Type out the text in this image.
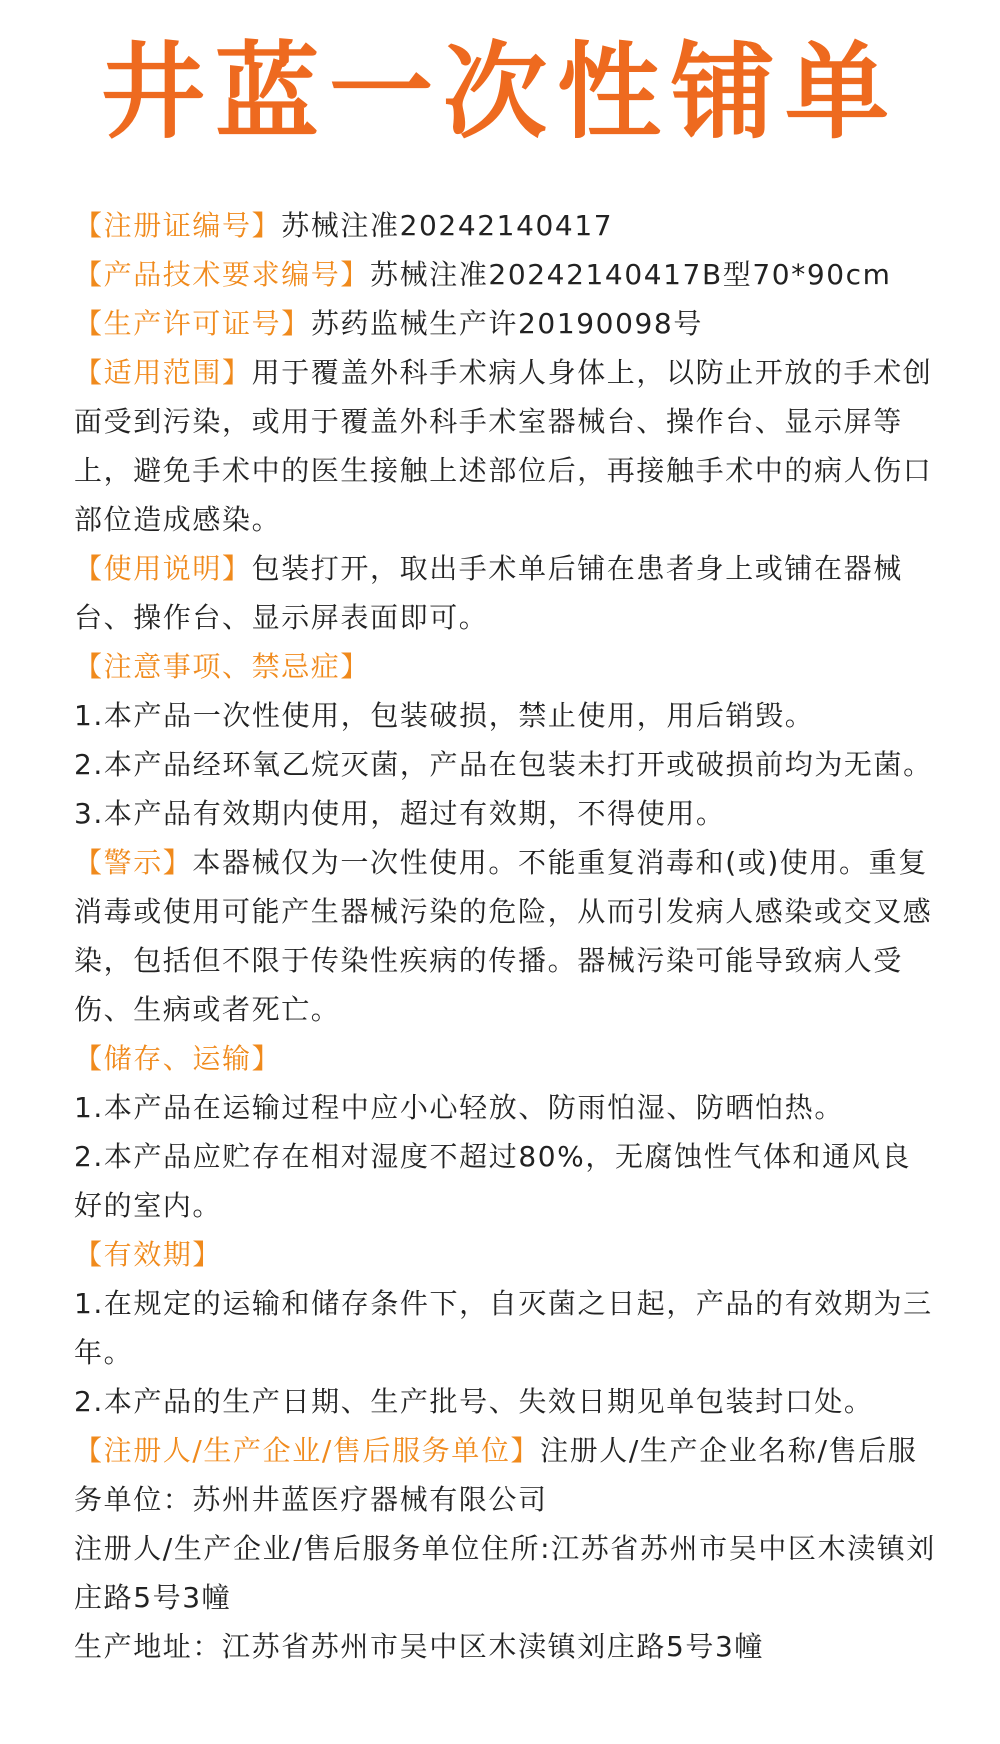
井蓝一次性铺单

【注册证编号】苏械注准20242140417

【产品技术要求编号】苏械注准20242140417B型70*90cm

【生产许可证号】苏药监械生产许20190098号

【适用范围】用于覆盖外科手术病人身体上，以防止开放的手术创面受到污染，或用于覆盖外科手术室器械台、操作台、显示屏等上，避免手术中的医生接触上述部位后，再接触手术中的病人伤口部位造成感染。

【使用说明】包装打开，取出手术单后铺在患者身上或铺在器械台、操作台、显示屏表面即可。

【注意事项、禁忌症】

1.本产品一次性使用，包装破损，禁止使用，用后销毁。

2.本产品经环氧乙烷灭菌，产品在包装未打开或破损前均为无菌。

3.本产品有效期内使用，超过有效期，不得使用。

【警示】本器械仅为一次性使用。不能重复消毒和(或)使用。重复消毒或使用可能产生器械污染的危险，从而引发病人感染或交叉感染，包括但不限于传染性疾病的传播。器械污染可能导致病人受伤、生病或者死亡。

【储存、运输】

1.本产品在运输过程中应小心轻放、防雨怕湿、防晒怕热。

2.本产品应贮存在相对湿度不超过80%，无腐蚀性气体和通风良好的室内。

【有效期】

1.在规定的运输和储存条件下，自灭菌之日起，产品的有效期为三年。

2.本产品的生产日期、生产批号、失效日期见单包装封口处。

【注册人/生产企业/售后服务单位】注册人/生产企业名称/售后服务单位：苏州井蓝医疗器械有限公司

注册人/生产企业/售后服务单位住所:江苏省苏州市吴中区木渎镇刘庄路5号3幢

生产地址：江苏省苏州市吴中区木渎镇刘庄路5号3幢
